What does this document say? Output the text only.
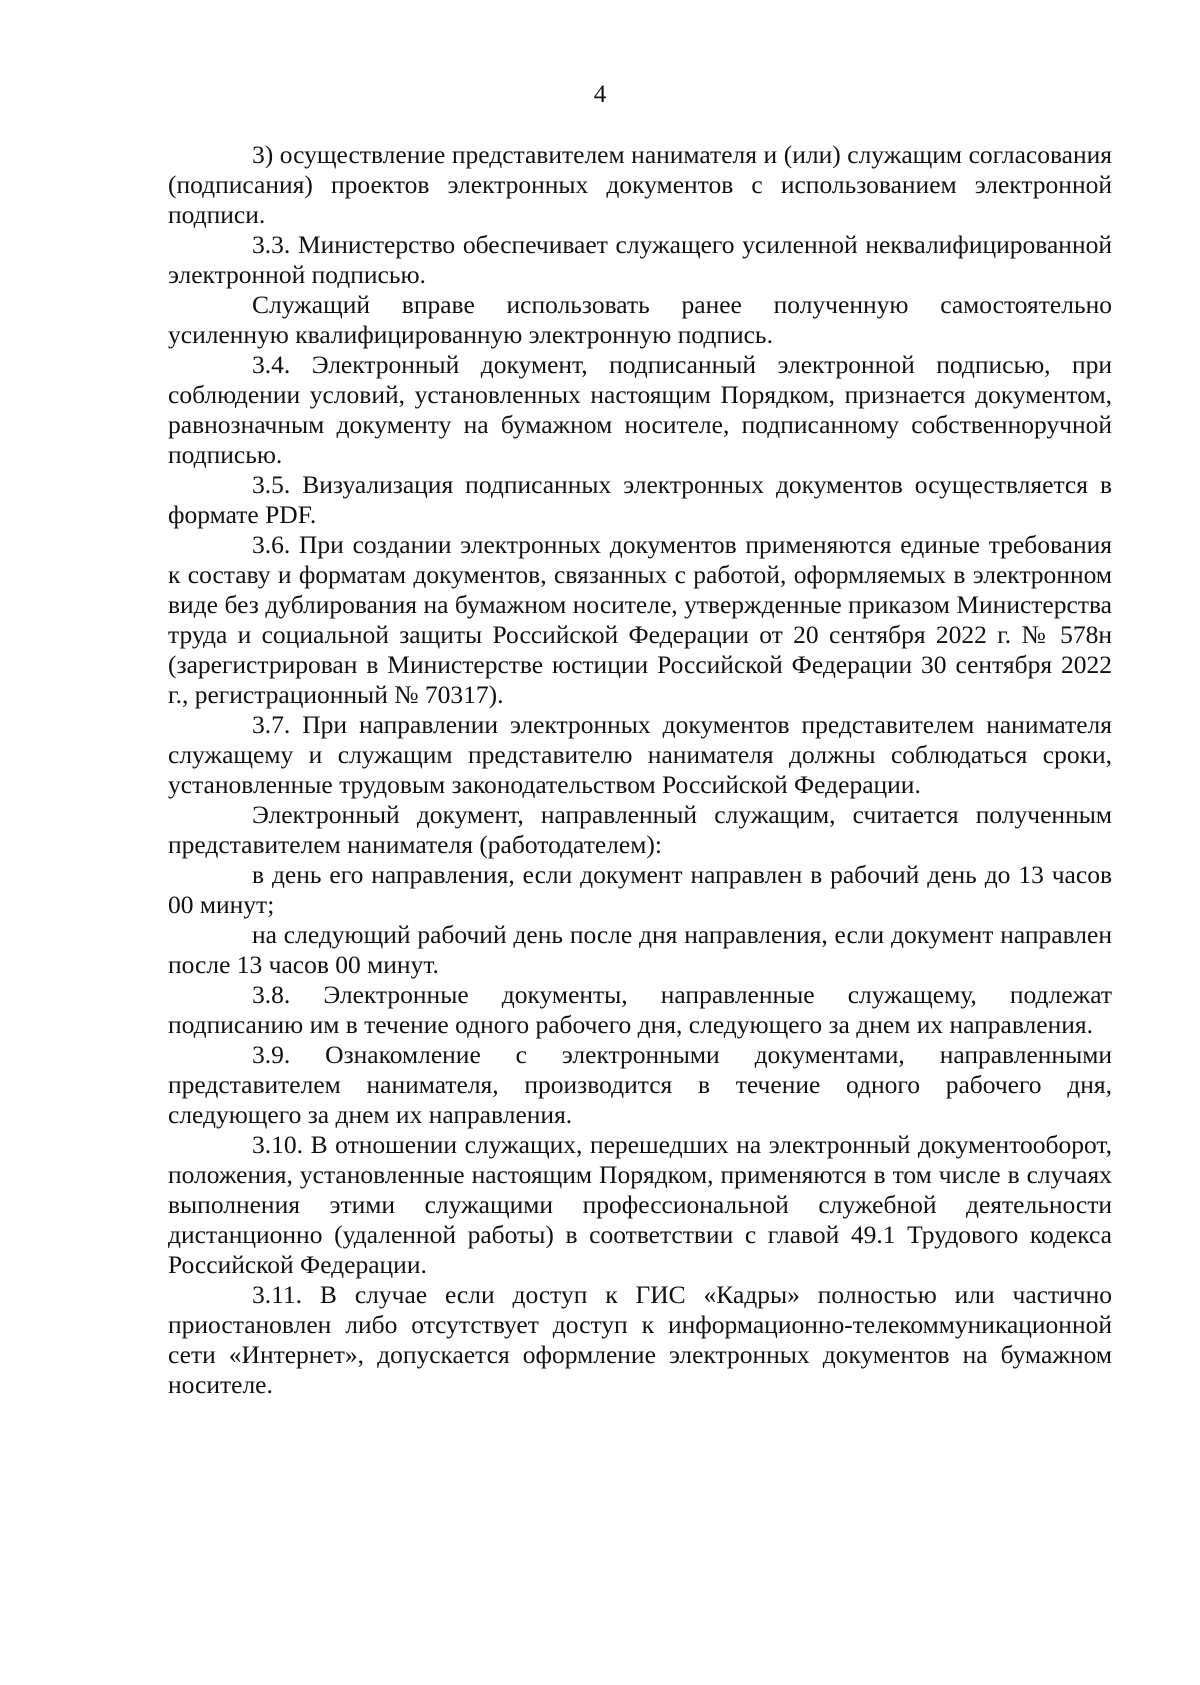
4

3) осуществление представителем нанимателя и (или) служащим согласования (подписания) проектов электронных документов с использованием электронной подписи.

3.3. Министерство обеспечивает служащего усиленной неквалифицированной электронной подписью.

Служащий вправе использовать ранее полученную самостоятельно усиленную квалифицированную электронную подпись.

3.4. Электронный документ, подписанный электронной подписью, при соблюдении условий, установленных настоящим Порядком, признается документом, равнозначным документу на бумажном носителе, подписанному собственноручной подписью.

3.5. Визуализация подписанных электронных документов осуществляется в формате PDF.

3.6. При создании электронных документов применяются единые требования к составу и форматам документов, связанных с работой, оформляемых в электронном виде без дублирования на бумажном носителе, утвержденные приказом Министерства труда и социальной защиты Российской Федерации от 20 сентября 2022 г. № 578н (зарегистрирован в Министерстве юстиции Российской Федерации 30 сентября 2022 г., регистрационный № 70317).

3.7. При направлении электронных документов представителем нанимателя служащему и служащим представителю нанимателя должны соблюдаться сроки, установленные трудовым законодательством Российской Федерации.

Электронный документ, направленный служащим, считается полученным представителем нанимателя (работодателем):

в день его направления, если документ направлен в рабочий день до 13 часов 00 минут;

на следующий рабочий день после дня направления, если документ направлен после 13 часов 00 минут.

3.8. Электронные документы, направленные служащему, подлежат подписанию им в течение одного рабочего дня, следующего за днем их направления.

3.9. Ознакомление с электронными документами, направленными представителем нанимателя, производится в течение одного рабочего дня, следующего за днем их направления.

3.10. В отношении служащих, перешедших на электронный документооборот, положения, установленные настоящим Порядком, применяются в том числе в случаях выполнения этими служащими профессиональной служебной деятельности дистанционно (удаленной работы) в соответствии с главой 49.1 Трудового кодекса Российской Федерации.

3.11. В случае если доступ к ГИС «Кадры» полностью или частично приостановлен либо отсутствует доступ к информационно-телекоммуникационной сети «Интернет», допускается оформление электронных документов на бумажном носителе.
